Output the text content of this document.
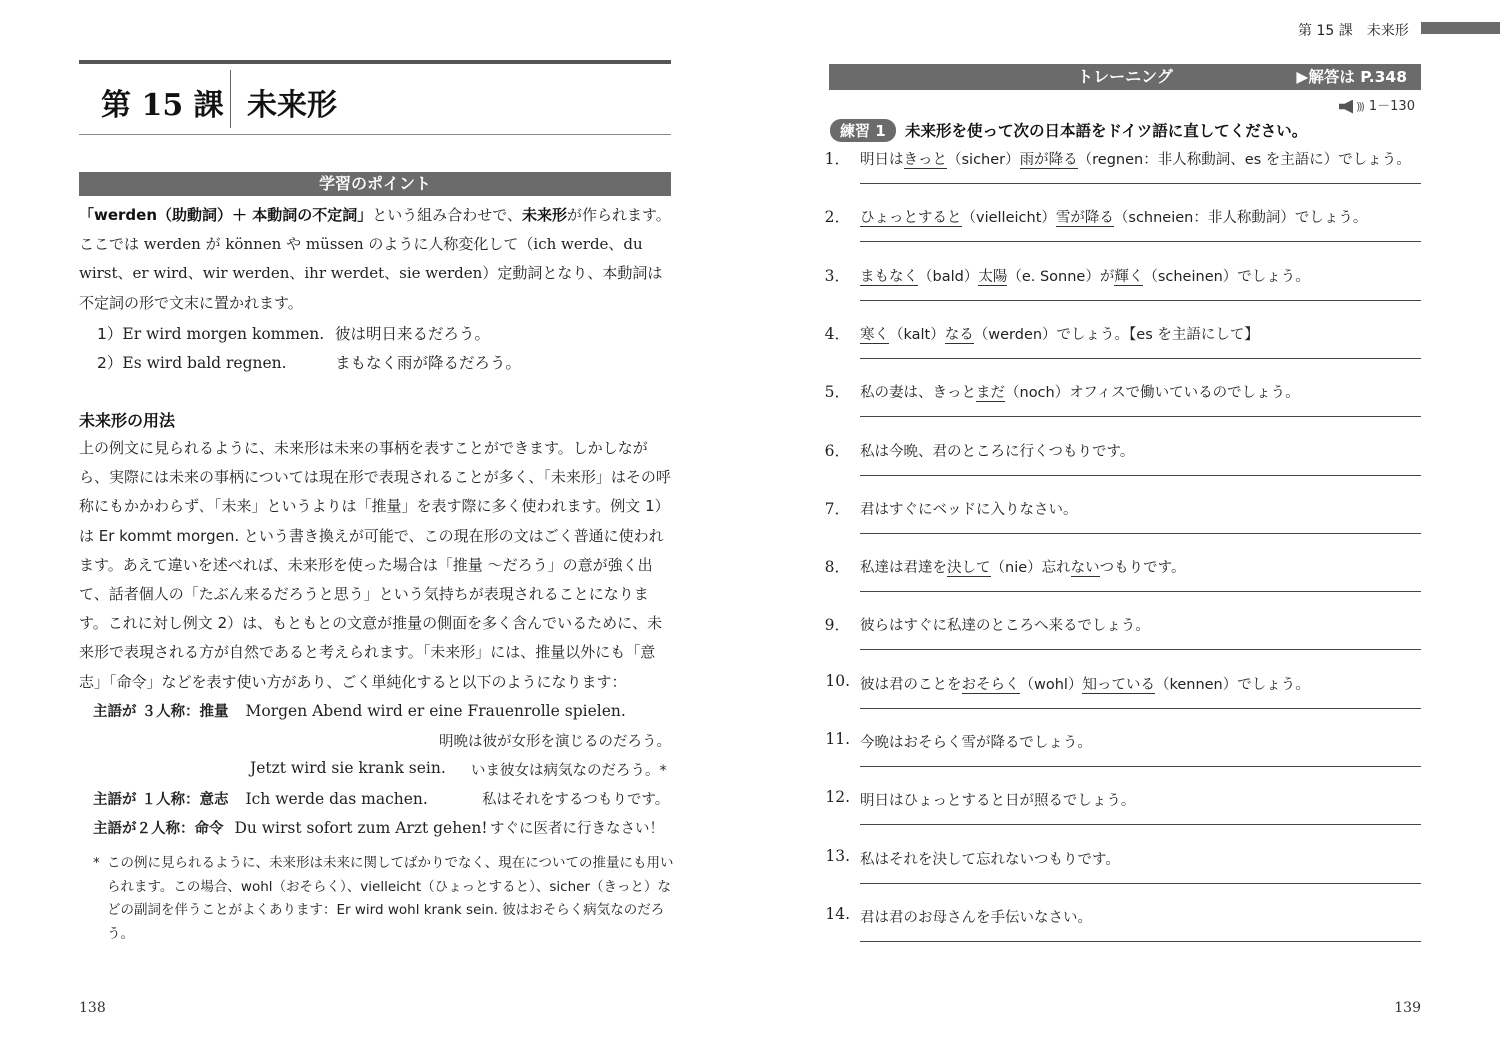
第 15 課 未来形
学習のポイント
「werden（助動詞）＋ 本動詞の不定詞」という組み合わせで、未来形が作られます。ここでは werden が können や müssen のように人称変化して（ich werde、du wirst、er wird、wir werden、ihr werdet、sie werden）定動詞となり、本動詞は不定詞の形で文末に置かれます。
1）Er wird morgen kommen. 彼は明日来るだろう。
2）Es wird bald regnen.	まもなく雨が降るだろう。
未来形の用法
上の例文に見られるように、未来形は未来の事柄を表すことができます。しかしながら、実際には未来の事柄については現在形で表現されることが多く、「未来形」はその呼称にもかかわらず､「未来」というよりは「推量」を表す際に多く使われます。例文 1）は Er kommt morgen. という書き換えが可能で、この現在形の文はごく普通に使われます。あえて違いを述べれば、未来形を使った場合は「推量 ～だろう」の意が強く出て、話者個人の「たぶん来るだろうと思う」という気持ちが表現されることになります。これに対し例文 2）は、もともとの文意が推量の側面を多く含んでいるために、未来形で表現される方が自然であると考えられます。「未来形」には、推量以外にも「意志」「命令」などを表す使い方があり、ごく単純化すると以下のようになります：
主語が ３人称：推量 Morgen Abend wird er eine Frauenrolle spielen.
明晩は彼が女形を演じるのだろう。
Jetzt wird sie krank sein. いま彼女は病気なのだろう。*
主語が １人称：意志 Ich werde das machen.	私はそれをするつもりです。
主語が２人称：命令 Du wirst sofort zum Arzt gehen! すぐに医者に行きなさい！
* この例に見られるように、未来形は未来に関してばかりでなく、現在についての推量にも用いられます。この場合、wohl（おそらく）、vielleicht（ひょっとすると）、sicher（きっと）などの副詞を伴うことがよくあります：Er wird wohl krank sein. 彼はおそらく病気なのだろう。
138
第 15 課　未来形
トレーニング	▶解答は P.348
))) 1－130
練習 1	未来形を使って次の日本語をドイツ語に直してください。
1． 明日はきっと（sicher）雨が降る（regnen：非人称動詞、es を主語に）でしょう。
2． ひょっとすると（vielleicht）雪が降る（schneien：非人称動詞）でしょう。
3． まもなく（bald）太陽（e. Sonne）が輝く（scheinen）でしょう。
4． 寒く（kalt）なる（werden）でしょう。【es を主語にして】
5． 私の妻は、きっとまだ（noch）オフィスで働いているのでしょう。
6． 私は今晩、君のところに行くつもりです。
7． 君はすぐにベッドに入りなさい。
8． 私達は君達を決して（nie）忘れないつもりです。
9． 彼らはすぐに私達のところへ来るでしょう。
10. 彼は君のことをおそらく（wohl）知っている（kennen）でしょう。
11. 今晩はおそらく雪が降るでしょう。
12. 明日はひょっとすると日が照るでしょう。
13. 私はそれを決して忘れないつもりです。
14. 君は君のお母さんを手伝いなさい。
139
